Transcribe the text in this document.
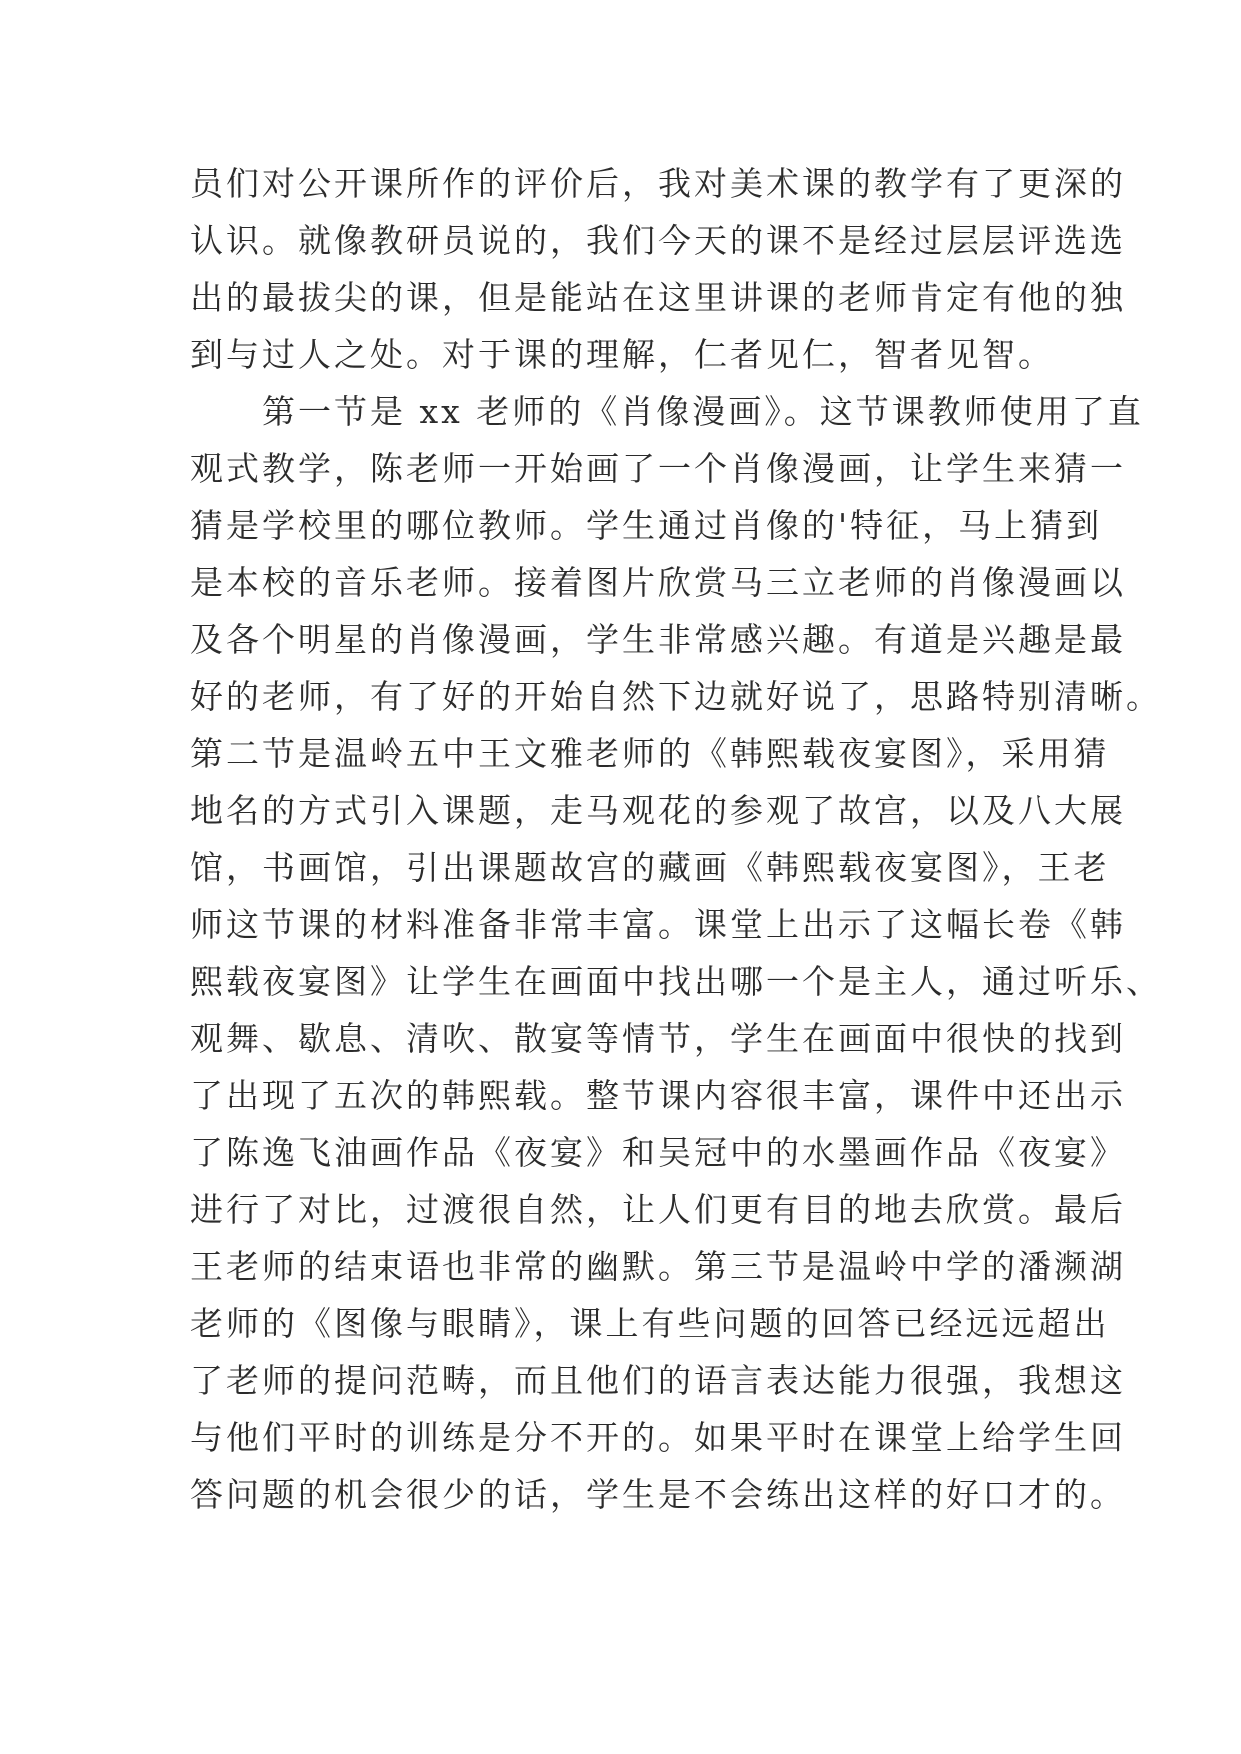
员们对公开课所作的评价后，我对美术课的教学有了更深的
认识。就像教研员说的，我们今天的课不是经过层层评选选
出的最拔尖的课，但是能站在这里讲课的老师肯定有他的独
到与过人之处。对于课的理解，仁者见仁，智者见智。
　　第一节是 xx 老师的《肖像漫画》。这节课教师使用了直
观式教学，陈老师一开始画了一个肖像漫画，让学生来猜一
猜是学校里的哪位教师。学生通过肖像的'特征，马上猜到
是本校的音乐老师。接着图片欣赏马三立老师的肖像漫画以
及各个明星的肖像漫画，学生非常感兴趣。有道是兴趣是最
好的老师，有了好的开始自然下边就好说了，思路特别清晰。
第二节是温岭五中王文雅老师的《韩熙载夜宴图》，采用猜
地名的方式引入课题，走马观花的参观了故宫，以及八大展
馆，书画馆，引出课题故宫的藏画《韩熙载夜宴图》，王老
师这节课的材料准备非常丰富。课堂上出示了这幅长卷《韩
熙载夜宴图》让学生在画面中找出哪一个是主人，通过听乐、
观舞、歇息、清吹、散宴等情节，学生在画面中很快的找到
了出现了五次的韩熙载。整节课内容很丰富，课件中还出示
了陈逸飞油画作品《夜宴》和吴冠中的水墨画作品《夜宴》
进行了对比，过渡很自然，让人们更有目的地去欣赏。最后
王老师的结束语也非常的幽默。第三节是温岭中学的潘濒湖
老师的《图像与眼睛》，课上有些问题的回答已经远远超出
了老师的提问范畴，而且他们的语言表达能力很强，我想这
与他们平时的训练是分不开的。如果平时在课堂上给学生回
答问题的机会很少的话，学生是不会练出这样的好口才的。
